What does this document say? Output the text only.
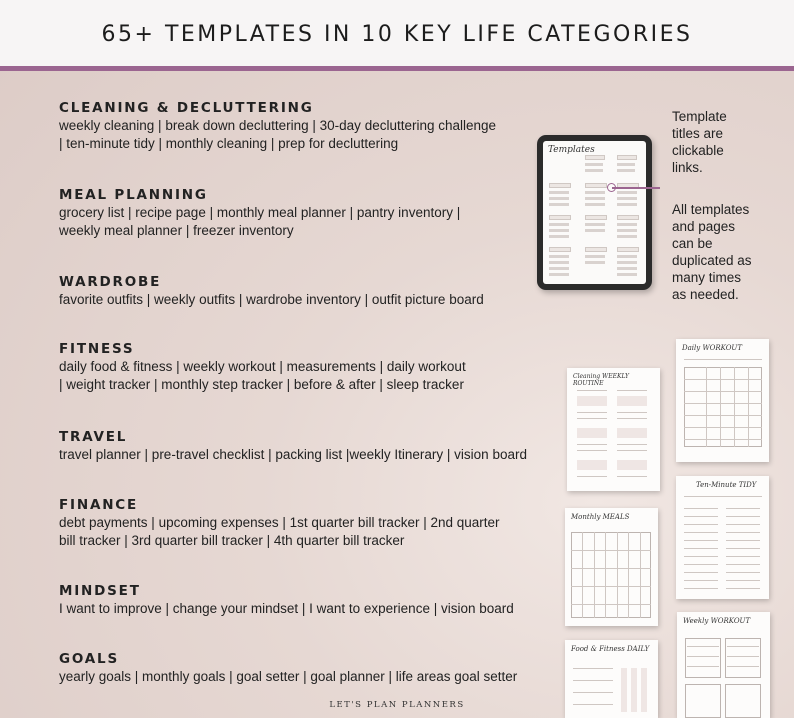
65+ TEMPLATES IN 10 KEY LIFE CATEGORIES
CLEANING & DECLUTTERING
weekly cleaning | break down decluttering | 30-day decluttering challenge
| ten-minute tidy | monthly cleaning | prep for decluttering
MEAL PLANNING
grocery list | recipe page | monthly meal planner | pantry inventory |
weekly meal planner | freezer inventory
WARDROBE
favorite outfits | weekly outfits | wardrobe inventory | outfit picture board
FITNESS
daily food & fitness | weekly workout | measurements | daily workout
| weight tracker | monthly step tracker | before & after | sleep tracker
TRAVEL
travel planner | pre-travel checklist | packing list |weekly Itinerary | vision board
FINANCE
debt payments | upcoming expenses | 1st quarter bill tracker | 2nd quarter
bill tracker | 3rd quarter bill tracker | 4th quarter bill tracker
MINDSET
I want to improve | change your mindset | I want to experience | vision board
GOALS
yearly goals | monthly goals | goal setter | goal planner | life areas goal setter
Templates
Template
titles are
clickable
links.
All templates
and pages
can be
duplicated as
many times
as needed.
Cleaning WEEKLY ROUTINE
Daily WORKOUT
Ten-Minute TIDY
Monthly MEALS
Food & Fitness DAILY
Weekly WORKOUT
LET'S PLAN PLANNERS
